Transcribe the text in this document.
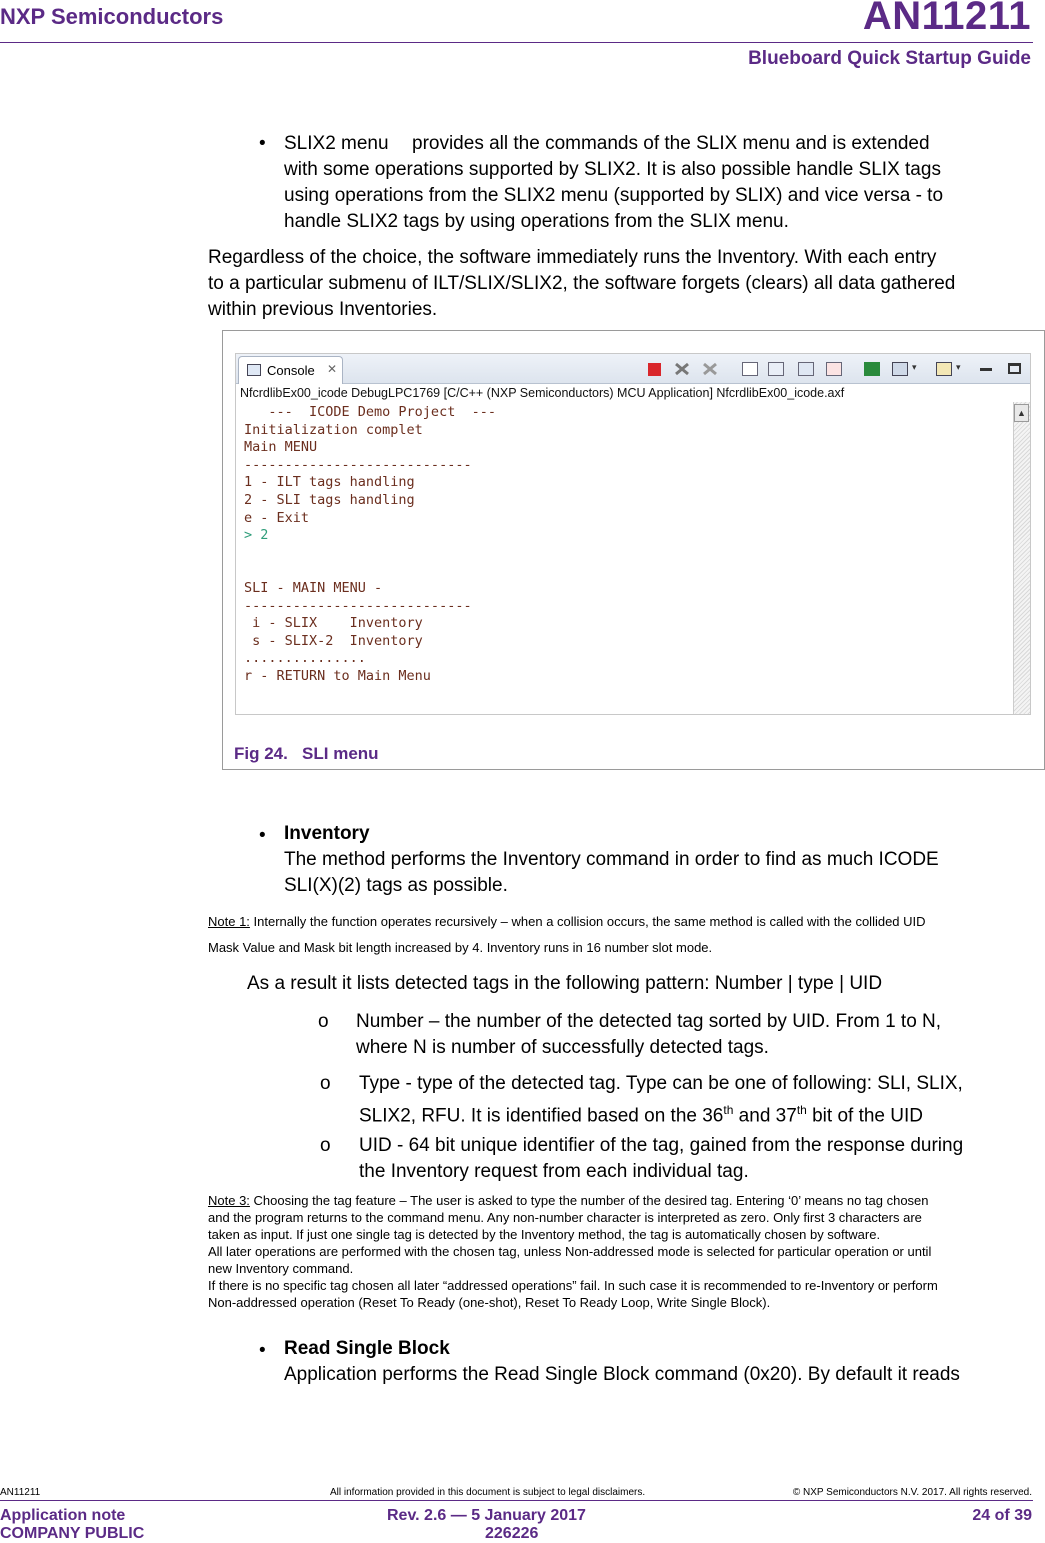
NXP Semiconductors	AN11211
Blueboard Quick Startup Guide
• SLIX2 menu provides all the commands of the SLIX menu and is extended
with some operations supported by SLIX2. It is also possible handle SLIX tags
using operations from the SLIX2 menu (supported by SLIX) and vice versa - to
handle SLIX2 tags by using operations from the SLIX menu.
Regardless of the choice, the software immediately runs the Inventory. With each entry
to a particular submenu of ILT/SLIX/SLIX2, the software forgets (clears) all data gathered
within previous Inventories.
Console ✕	▾	▾
NfcrdlibEx00_icode DebugLPC1769 [C/C++ (NXP Semiconductors) MCU Application] NfcrdlibEx00_icode.axf
---  ICODE Demo Project  ---
Initialization complet
Main MENU
----------------------------
1 - ILT tags handling
2 - SLI tags handling
e - Exit
> 2
SLI - MAIN MENU -
----------------------------
i - SLIX    Inventory
s - SLIX-2  Inventory
...............
r - RETURN to Main Menu
▲
Fig 24. SLI menu
• Inventory
The method performs the Inventory command in order to find as much ICODE
SLI(X)(2) tags as possible.
Note 1: Internally the function operates recursively – when a collision occurs, the same method is called with the collided UID
Mask Value and Mask bit length increased by 4. Inventory runs in 16 number slot mode.
As a result it lists detected tags in the following pattern: Number | type | UID
o Number – the number of the detected tag sorted by UID. From 1 to N,
where N is number of successfully detected tags.
o Type - type of the detected tag. Type can be one of following: SLI, SLIX,
SLIX2, RFU. It is identified based on the 36th and 37th bit of the UID
o UID - 64 bit unique identifier of the tag, gained from the response during
the Inventory request from each individual tag.
Note 3: Choosing the tag feature – The user is asked to type the number of the desired tag. Entering ‘0’ means no tag chosen
and the program returns to the command menu. Any non-number character is interpreted as zero. Only first 3 characters are
taken as input. If just one single tag is detected by the Inventory method, the tag is automatically chosen by software.
All later operations are performed with the chosen tag, unless Non-addressed mode is selected for particular operation or until
new Inventory command.
If there is no specific tag chosen all later “addressed operations” fail. In such case it is recommended to re-Inventory or perform
Non-addressed operation (Reset To Ready (one-shot), Reset To Ready Loop, Write Single Block).
• Read Single Block
Application performs the Read Single Block command (0x20). By default it reads
AN11211	All information provided in this document is subject to legal disclaimers.	© NXP Semiconductors N.V. 2017. All rights reserved.
Application note
COMPANY PUBLIC
Rev. 2.6 — 5 January 2017
226226
24 of 39
